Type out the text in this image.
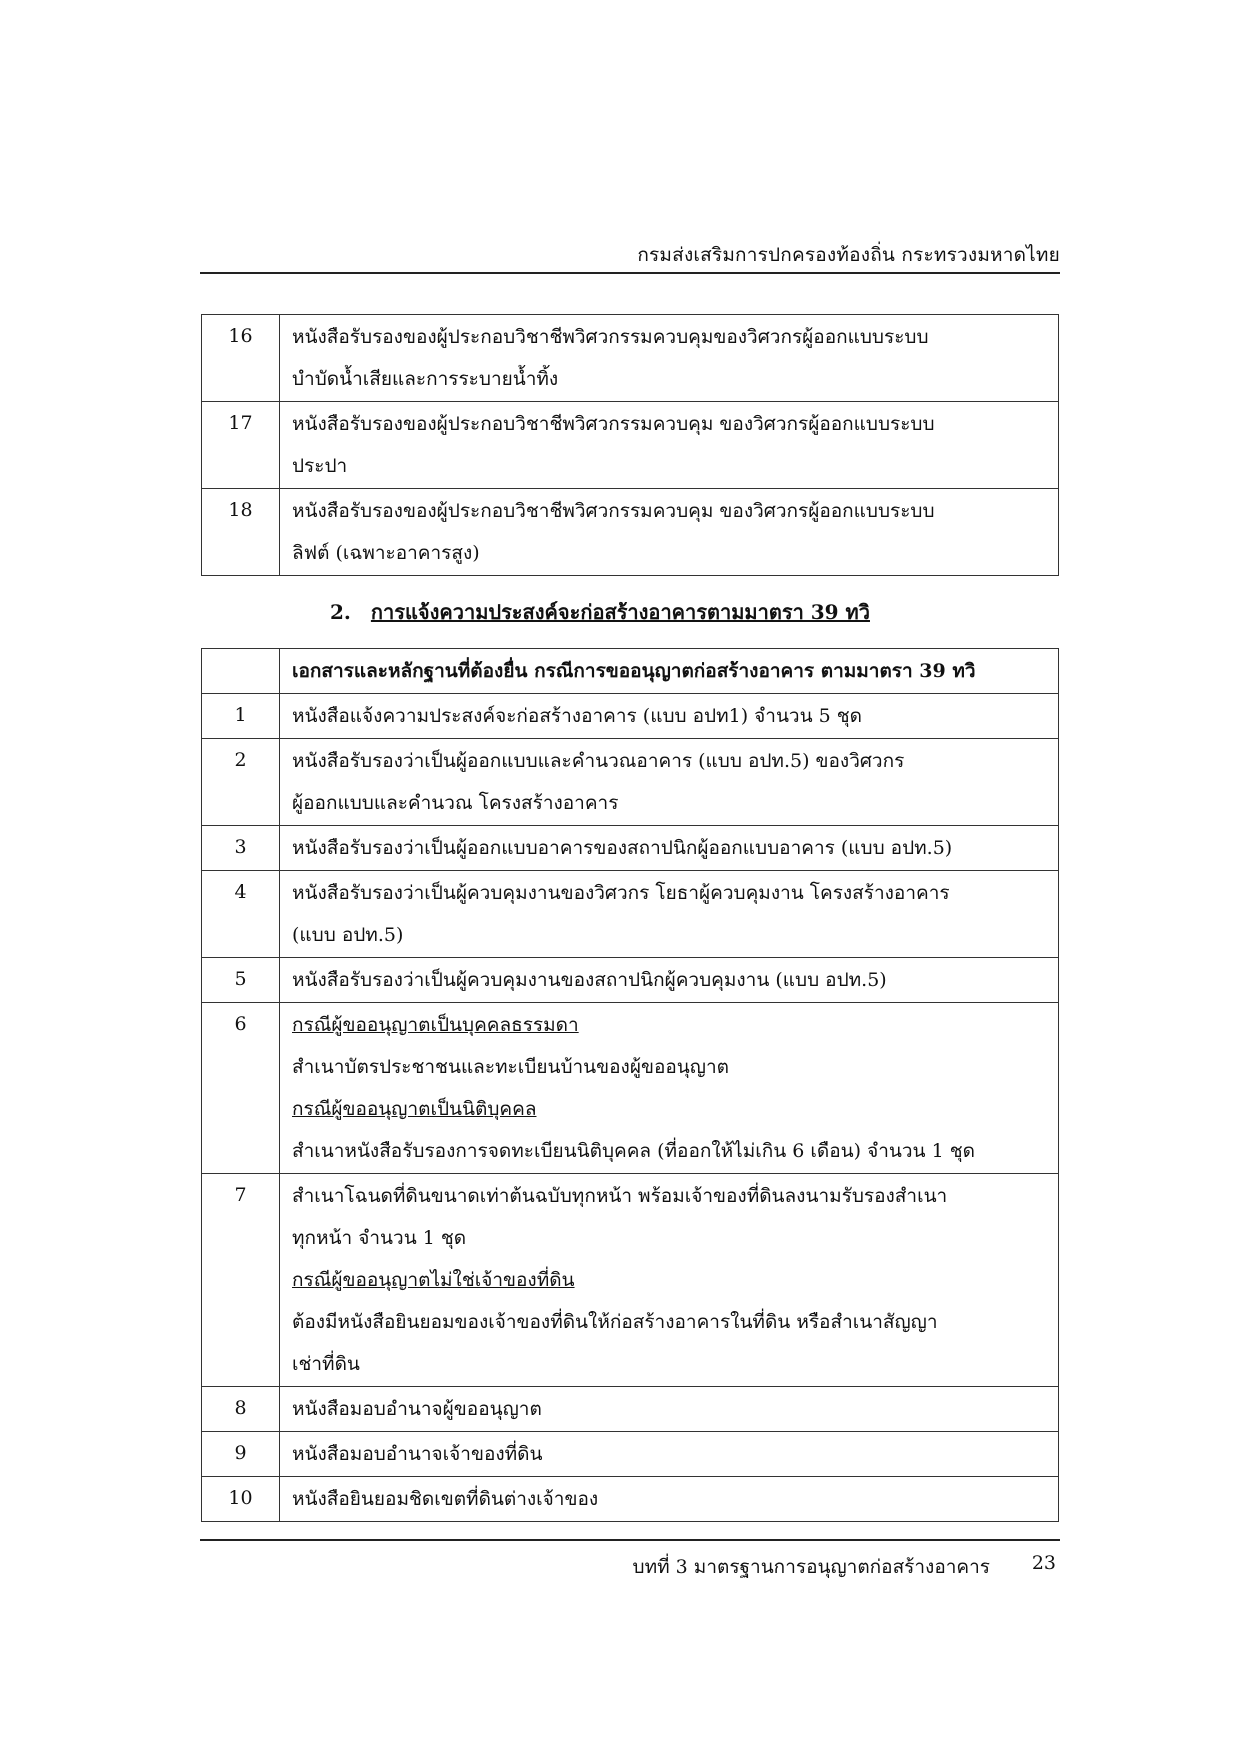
กรมส่งเสริมการปกครองท้องถิ่น กระทรวงมหาดไทย
16	หนังสือรับรองของผู้ประกอบวิชาชีพวิศวกรรมควบคุมของวิศวกรผู้ออกแบบระบบ
บำบัดน้ำเสียและการระบายน้ำทิ้ง

17	หนังสือรับรองของผู้ประกอบวิชาชีพวิศวกรรมควบคุม ของวิศวกรผู้ออกแบบระบบ
ประปา

18	หนังสือรับรองของผู้ประกอบวิชาชีพวิศวกรรมควบคุม ของวิศวกรผู้ออกแบบระบบ
ลิฟต์ (เฉพาะอาคารสูง)
2. การแจ้งความประสงค์จะก่อสร้างอาคารตามมาตรา 39 ทวิ
	เอกสารและหลักฐานที่ต้องยื่น กรณีการขออนุญาตก่อสร้างอาคาร ตามมาตรา 39 ทวิ
1	หนังสือแจ้งความประสงค์จะก่อสร้างอาคาร (แบบ อปท1) จำนวน 5 ชุด

2	หนังสือรับรองว่าเป็นผู้ออกแบบและคำนวณอาคาร (แบบ อปท.5) ของวิศวกร
ผู้ออกแบบและคำนวณ โครงสร้างอาคาร

3	หนังสือรับรองว่าเป็นผู้ออกแบบอาคารของสถาปนิกผู้ออกแบบอาคาร (แบบ อปท.5)

4	หนังสือรับรองว่าเป็นผู้ควบคุมงานของวิศวกร โยธาผู้ควบคุมงาน โครงสร้างอาคาร
(แบบ อปท.5)

5	หนังสือรับรองว่าเป็นผู้ควบคุมงานของสถาปนิกผู้ควบคุมงาน (แบบ อปท.5)

6	กรณีผู้ขออนุญาตเป็นบุคคลธรรมดา
สำเนาบัตรประชาชนและทะเบียนบ้านของผู้ขออนุญาต
กรณีผู้ขออนุญาตเป็นนิติบุคคล
สำเนาหนังสือรับรองการจดทะเบียนนิติบุคคล (ที่ออกให้ไม่เกิน 6 เดือน) จำนวน 1 ชุด

7	สำเนาโฉนดที่ดินขนาดเท่าต้นฉบับทุกหน้า พร้อมเจ้าของที่ดินลงนามรับรองสำเนา
ทุกหน้า จำนวน 1 ชุด
กรณีผู้ขออนุญาตไม่ใช่เจ้าของที่ดิน
ต้องมีหนังสือยินยอมของเจ้าของที่ดินให้ก่อสร้างอาคารในที่ดิน หรือสำเนาสัญญา
เช่าที่ดิน

8	หนังสือมอบอำนาจผู้ขออนุญาต

9	หนังสือมอบอำนาจเจ้าของที่ดิน

10	หนังสือยินยอมชิดเขตที่ดินต่างเจ้าของ
บทที่ 3 มาตรฐานการอนุญาตก่อสร้างอาคาร 23
